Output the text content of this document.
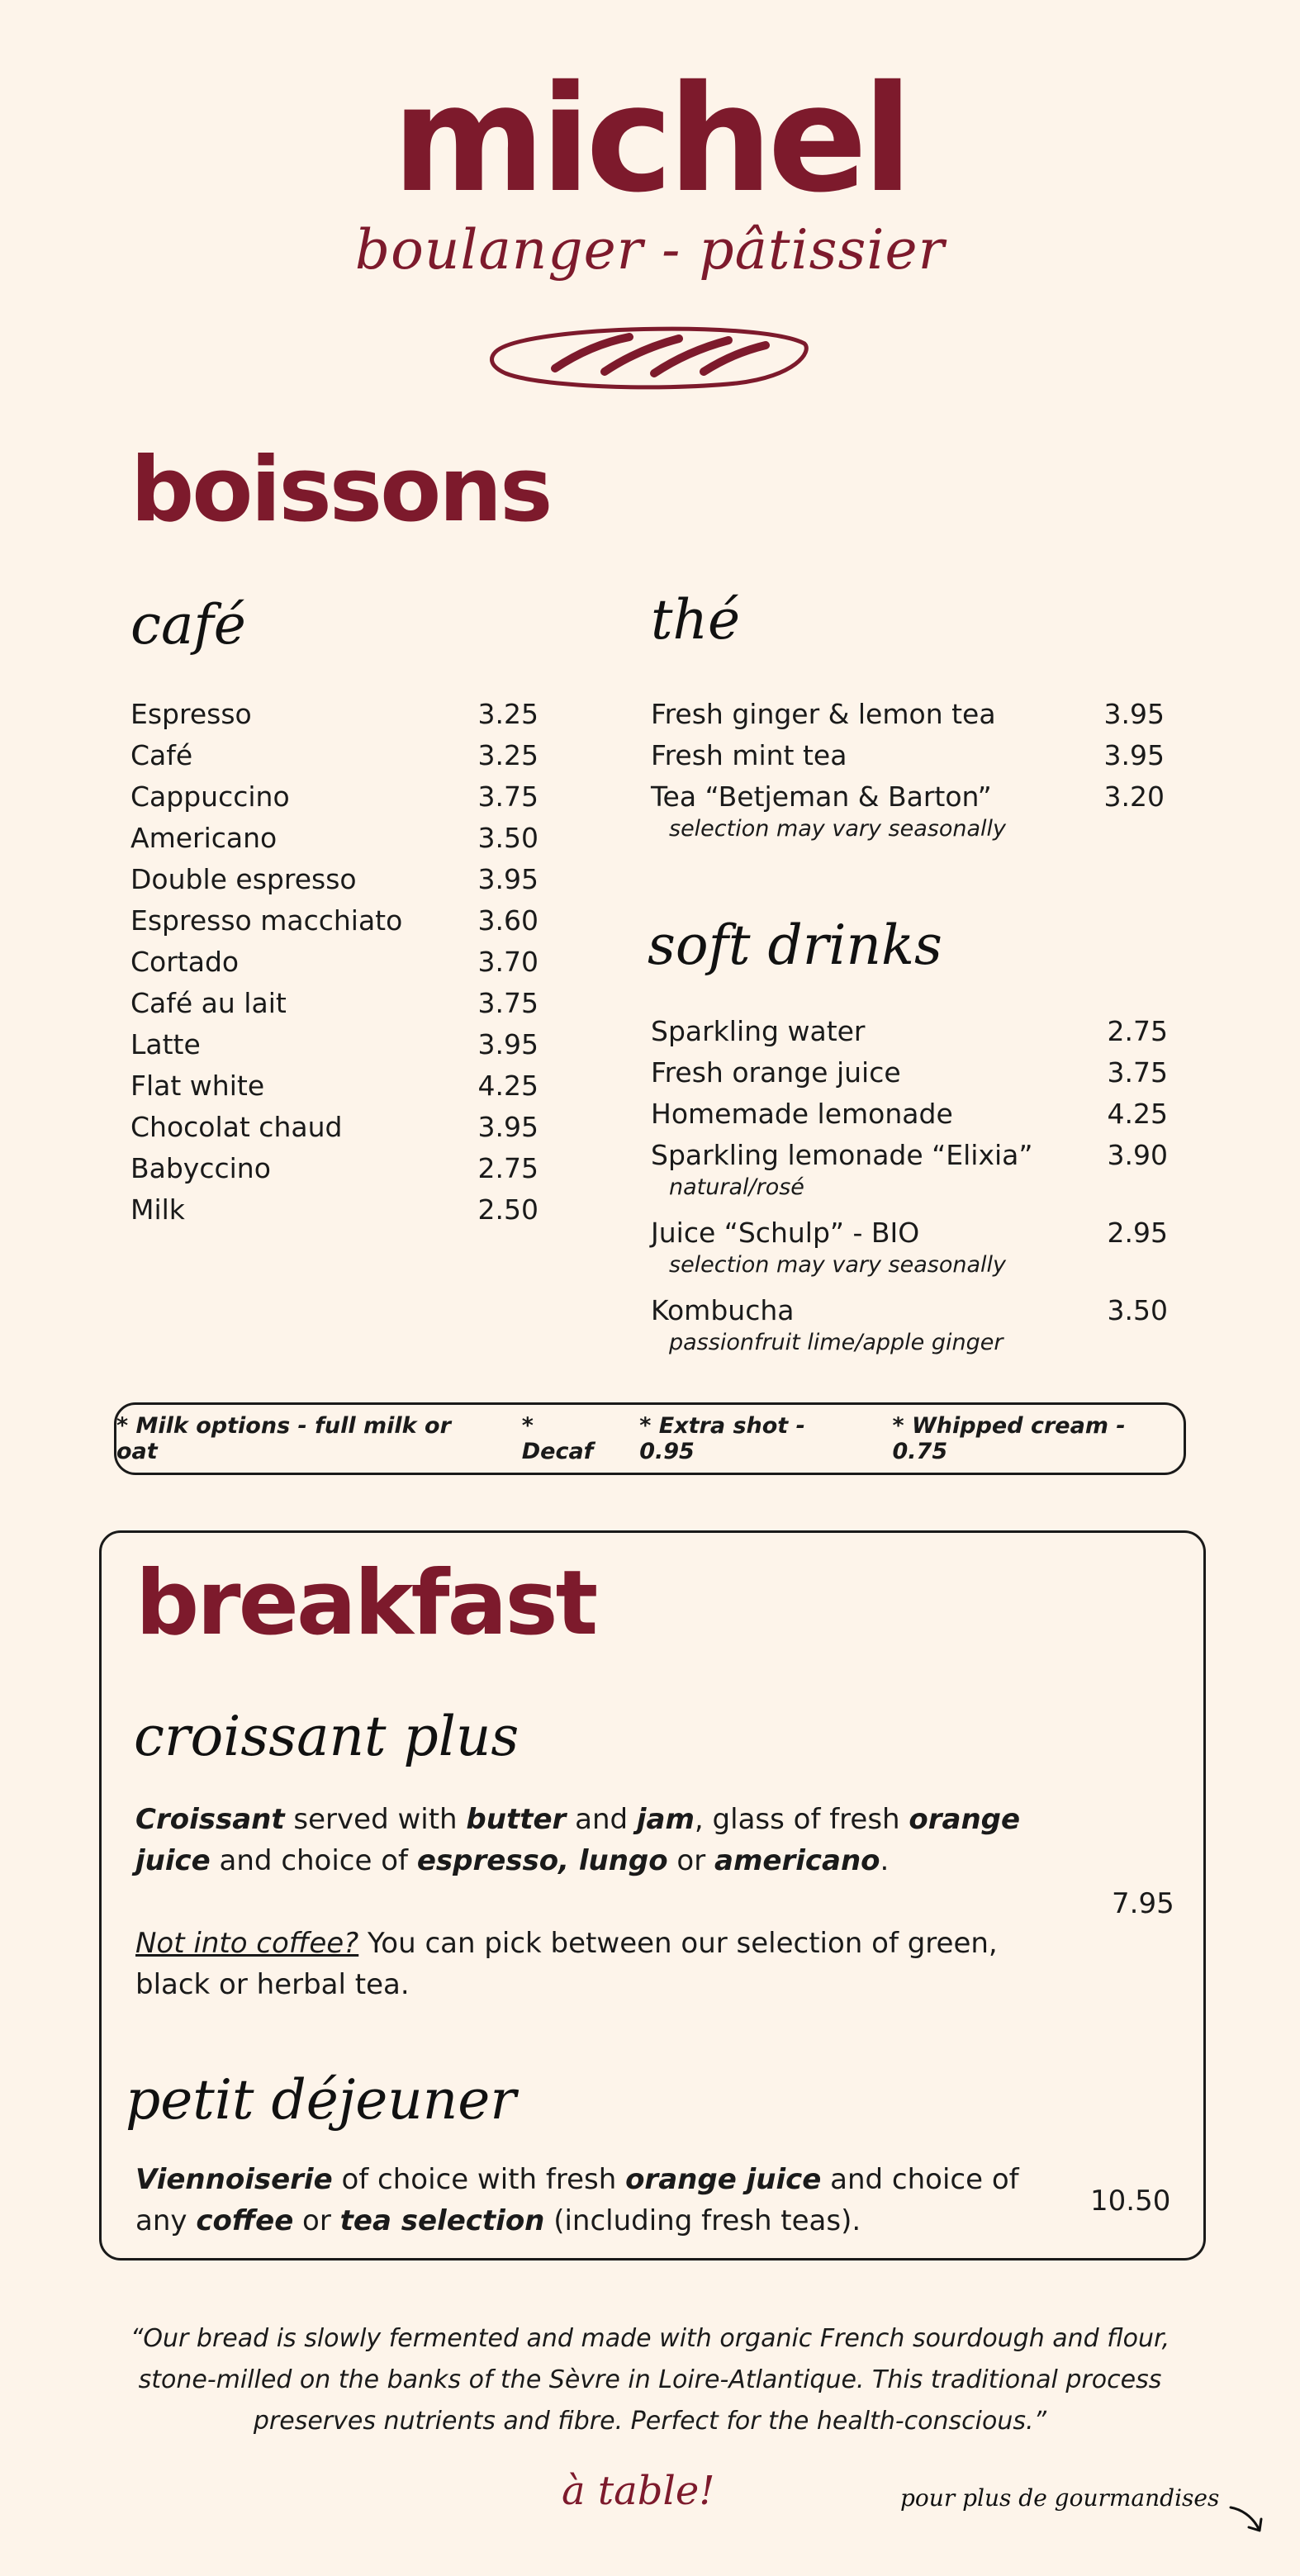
michel
boulanger - pâtissier
boissons
café
Espresso	3.25
Café	3.25
Cappuccino	3.75
Americano	3.50
Double espresso	3.95
Espresso macchiato	3.60
Cortado	3.70
Café au lait	3.75
Latte	3.95
Flat white	4.25
Chocolat chaud	3.95
Babyccino	2.75
Milk	2.50
thé
Fresh ginger & lemon tea	3.95
Fresh mint tea	3.95
Tea “Betjeman & Barton”	3.20
selection may vary seasonally
soft drinks
Sparkling water	2.75
Fresh orange juice	3.75
Homemade lemonade	4.25
Sparkling lemonade “Elixia”	3.90
natural/rosé
Juice “Schulp” - BIO	2.95
selection may vary seasonally
Kombucha	3.50
passionfruit lime/apple ginger
* Milk options - full milk or oat
* Decaf
* Extra shot - 0.95
* Whipped cream - 0.75
breakfast
croissant plus
Croissant served with butter and jam, glass of fresh orange juice and choice of espresso, lungo or americano.
Not into coffee? You can pick between our selection of green, black or herbal tea.
7.95
petit déjeuner
Viennoiserie of choice with fresh orange juice and choice of any coffee or tea selection (including fresh teas).
10.50
“Our bread is slowly fermented and made with organic French sourdough and flour, stone-milled on the banks of the Sèvre in Loire-Atlantique. This traditional process preserves nutrients and fibre. Perfect for the health-conscious.”
à table!	pour plus de gourmandises
